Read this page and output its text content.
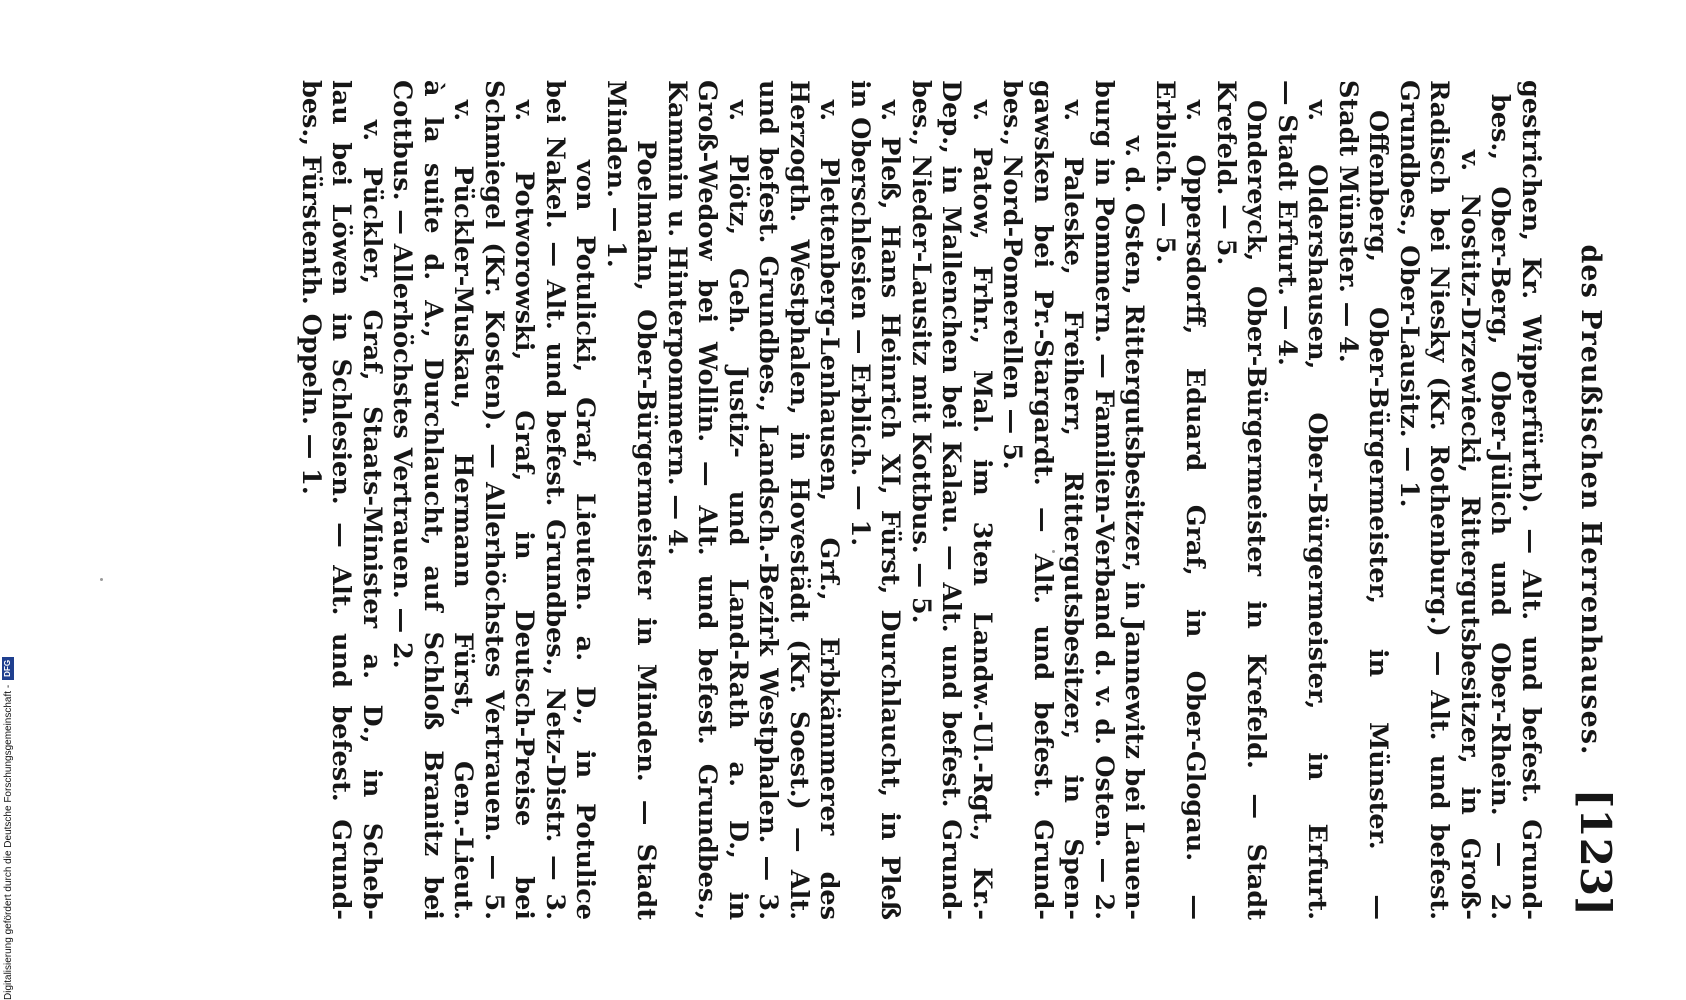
des Preußischen Herrenhauses.
[123]
gestrichen, Kr. Wipperfürth). — Alt. und befest. Grund-
bes., Ober-Berg, Ober-Jülich und Ober-Rhein. — 2.
v. Nostitz-Drzewiecki, Rittergutsbesitzer, in Groß-
Radisch bei Niesky (Kr. Rothenburg.) — Alt. und befest.
Grundbes., Ober-Lausitz. — 1.
Offenberg, Ober-Bürgermeister, in Münster. —
Stadt Münster. — 4.
v. Oldershausen, Ober-Bürgermeister, in Erfurt.
— Stadt Erfurt. — 4.
Ondereyck, Ober-Bürgermeister in Krefeld. — Stadt
Krefeld. — 5.
v. Oppersdorff, Eduard Graf, in Ober-Glogau. —
Erblich. — 5.
v. d. Osten, Rittergutsbesitzer, in Jannewitz bei Lauen-
burg in Pommern. — Familien-Verband d. v. d. Osten. — 2.
v. Paleske, Freiherr, Rittergutsbesitzer, in Spen-
gawsken bei Pr.-Stargardt. — Alt. und befest. Grund-
bes., Nord-Pomerellen — 5.
v. Patow, Frhr., Mal. im 3ten Landw.-Ul.-Rgt., Kr.-
Dep., in Mallenchen bei Kalau. — Alt. und befest. Grund-
bes., Nieder-Lausitz mit Kottbus. — 5.
v. Pleß, Hans Heinrich XI, Fürst, Durchlaucht, in Pleß
in Oberschlesien — Erblich. — 1.
v. Plettenberg-Lenhausen, Grf., Erbkämmerer des
Herzogth. Westphalen, in Hovestädt (Kr. Soest.) — Alt.
und befest. Grundbes., Landsch.-Bezirk Westphalen. — 3.
v. Plötz, Geh. Justiz- und Land-Rath a. D., in
Groß-Wedow bei Wollin. — Alt. und befest. Grundbes.,
Kammin u. Hinterpommern. — 4.
Poelmahn, Ober-Bürgermeister in Minden. — Stadt
Minden. — 1.
von Potulicki, Graf, Lieuten. a. D., in Potulice
bei Nakel. — Alt. und befest. Grundbes., Netz-Distr. — 3.
v. Potworowski, Graf, in Deutsch-Preise bei
Schmiegel (Kr. Kosten). — Allerhöchstes Vertrauen. — 5.
v. Pückler-Muskau, Hermann Fürst, Gen.-Lieut.
à la suite d. A., Durchlaucht, auf Schloß Branitz bei
Cottbus. — Allerhöchstes Vertrauen. — 2.
v. Pückler, Graf, Staats-Minister a. D., in Scheb-
lau bei Löwen in Schlesien. — Alt. und befest. Grund-
bes., Fürstenth. Oppeln. — 1.
Digitalisierung gefördert durch die Deutsche Forschungsgemeinschaft -
DFG
